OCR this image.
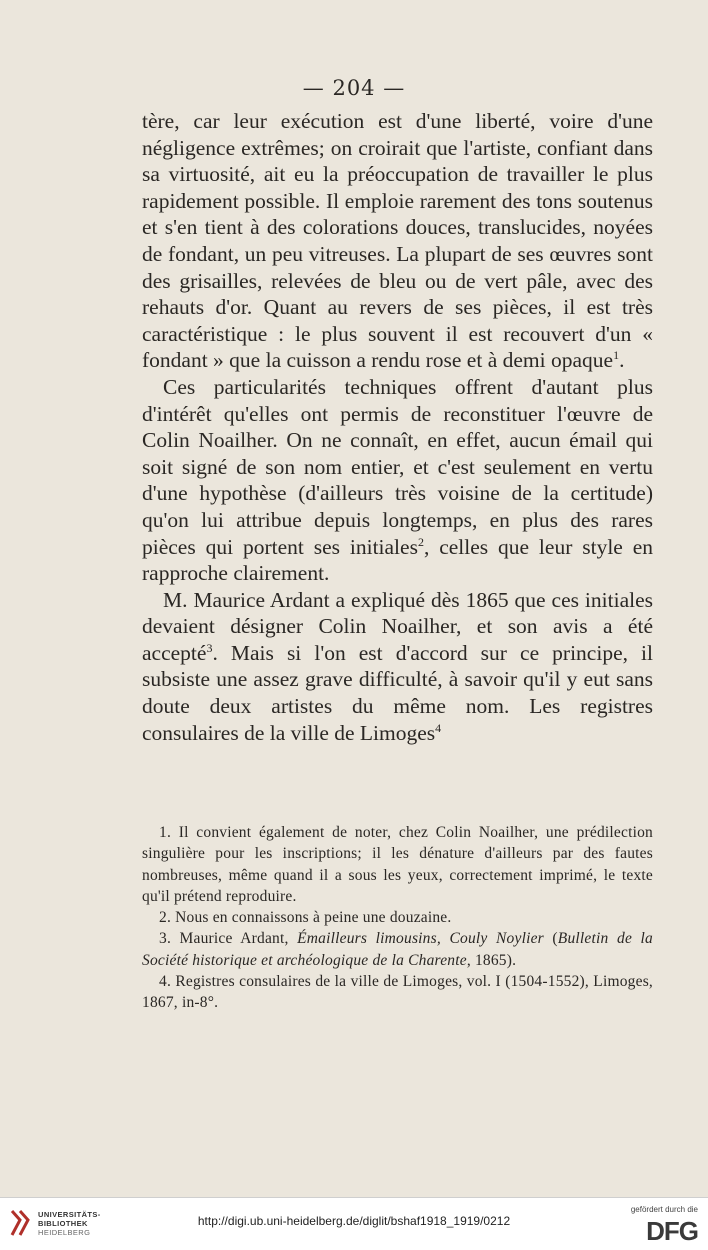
— 204 —

tère, car leur exécution est d'une liberté, voire d'une négligence extrêmes; on croirait que l'artiste, confiant dans sa virtuosité, ait eu la préoccupation de travailler le plus rapidement possible. Il emploie rarement des tons soutenus et s'en tient à des colorations douces, translucides, noyées de fondant, un peu vitreuses. La plupart de ses œuvres sont des grisailles, relevées de bleu ou de vert pâle, avec des rehauts d'or. Quant au revers de ses pièces, il est très caractéristique : le plus souvent il est recouvert d'un « fondant » que la cuisson a rendu rose et à demi opaque$^1$.

Ces particularités techniques offrent d'autant plus d'intérêt qu'elles ont permis de reconstituer l'œuvre de Colin Noailher. On ne connaît, en effet, aucun émail qui soit signé de son nom entier, et c'est seulement en vertu d'une hypothèse (d'ailleurs très voisine de la certitude) qu'on lui attribue depuis longtemps, en plus des rares pièces qui portent ses initiales$^2$, celles que leur style en rapproche clairement.

M. Maurice Ardant a expliqué dès 1865 que ces initiales devaient désigner Colin Noailher, et son avis a été accepté$^3$. Mais si l'on est d'accord sur ce principe, il subsiste une assez grave difficulté, à savoir qu'il y eut sans doute deux artistes du même nom. Les registres consulaires de la ville de Limoges$^4$

1. Il convient également de noter, chez Colin Noailher, une prédilection singulière pour les inscriptions; il les dénature d'ailleurs par des fautes nombreuses, même quand il a sous les yeux, correctement imprimé, le texte qu'il prétend reproduire.

2. Nous en connaissons à peine une douzaine.

3. Maurice Ardant, Émailleurs limousins, Couly Noylier (Bulletin de la Société historique et archéologique de la Charente, 1865).

4. Registres consulaires de la ville de Limoges, vol. I (1504-1552), Limoges, 1867, in-8°.

UNIVERSITÄTS-
BIBLIOTHEK
HEIDELBERG
http://digi.ub.uni-heidelberg.de/diglit/bshaf1918_1919/0212
gefördert durch die
DFG
